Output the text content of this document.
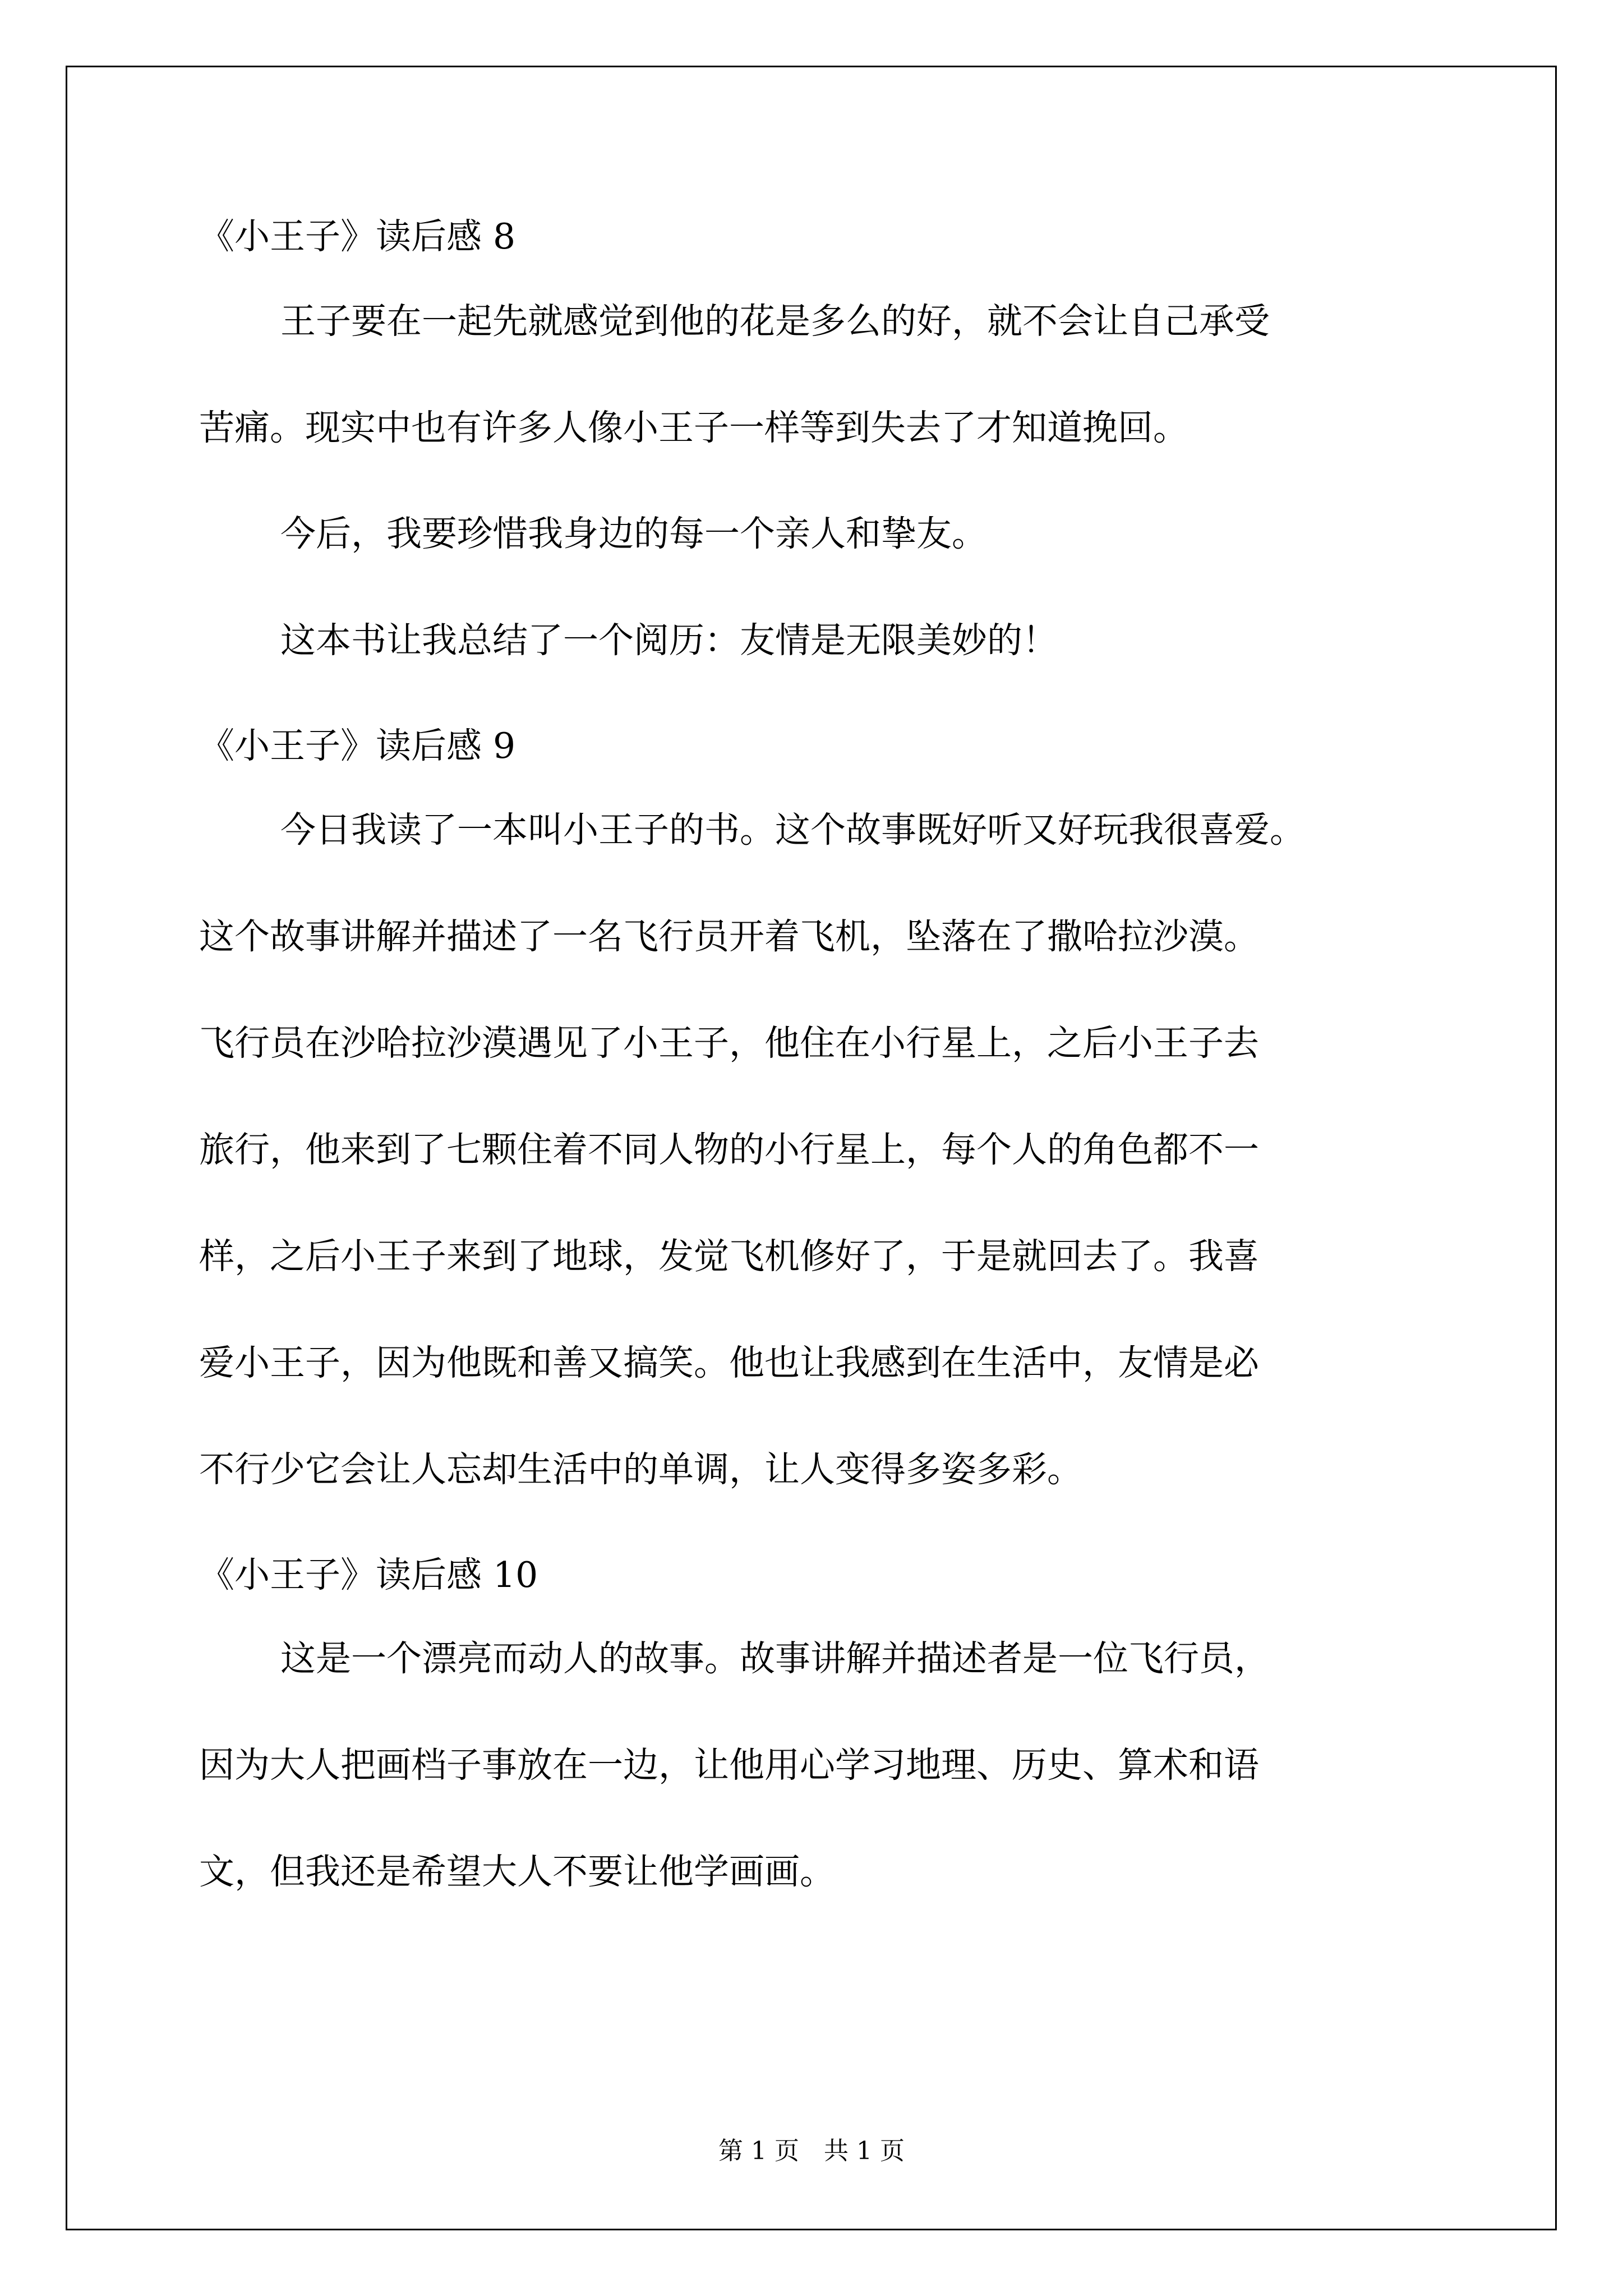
《小王子》读后感 8
王子要在一起先就感觉到他的花是多么的好，就不会让自己承受
苦痛。现实中也有许多人像小王子一样等到失去了才知道挽回。
今后，我要珍惜我身边的每一个亲人和挚友。
这本书让我总结了一个阅历：友情是无限美妙的！
《小王子》读后感 9
今日我读了一本叫小王子的书。这个故事既好听又好玩我很喜爱。
这个故事讲解并描述了一名飞行员开着飞机，坠落在了撒哈拉沙漠。
飞行员在沙哈拉沙漠遇见了小王子，他住在小行星上，之后小王子去
旅行，他来到了七颗住着不同人物的小行星上，每个人的角色都不一
样，之后小王子来到了地球，发觉飞机修好了，于是就回去了。我喜
爱小王子，因为他既和善又搞笑。他也让我感到在生活中，友情是必
不行少它会让人忘却生活中的单调，让人变得多姿多彩。
《小王子》读后感 10
这是一个漂亮而动人的故事。故事讲解并描述者是一位飞行员，
因为大人把画档子事放在一边，让他用心学习地理、历史、算术和语
文，但我还是希望大人不要让他学画画。
第 1 页　共 1 页
